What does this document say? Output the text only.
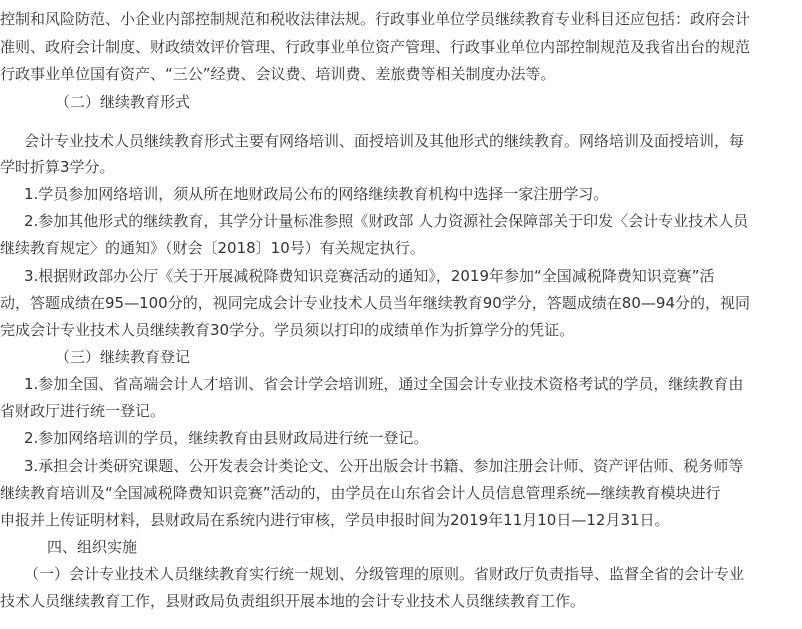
控制和风险防范、小企业内部控制规范和税收法律法规。行政事业单位学员继续教育专业科目还应包括：政府会计
准则、政府会计制度、财政绩效评价管理、行政事业单位资产管理、行政事业单位内部控制规范及我省出台的规范
行政事业单位国有资产、“三公”经费、会议费、培训费、差旅费等相关制度办法等。
（二）继续教育形式
会计专业技术人员继续教育形式主要有网络培训、面授培训及其他形式的继续教育。网络培训及面授培训，每
学时折算3学分。
1.学员参加网络培训，须从所在地财政局公布的网络继续教育机构中选择一家注册学习。
2.参加其他形式的继续教育，其学分计量标准参照《财政部 人力资源社会保障部关于印发〈会计专业技术人员
继续教育规定〉的通知》（财会〔2018〕10号）有关规定执行。
3.根据财政部办公厅《关于开展减税降费知识竞赛活动的通知》，2019年参加“全国减税降费知识竞赛”活
动，答题成绩在95—100分的，视同完成会计专业技术人员当年继续教育90学分，答题成绩在80—94分的，视同
完成会计专业技术人员继续教育30学分。学员须以打印的成绩单作为折算学分的凭证。
（三）继续教育登记
1.参加全国、省高端会计人才培训、省会计学会培训班，通过全国会计专业技术资格考试的学员，继续教育由
省财政厅进行统一登记。
2.参加网络培训的学员，继续教育由县财政局进行统一登记。
3.承担会计类研究课题、公开发表会计类论文、公开出版会计书籍、参加注册会计师、资产评估师、税务师等
继续教育培训及“全国减税降费知识竞赛”活动的，由学员在山东省会计人员信息管理系统—继续教育模块进行
申报并上传证明材料，县财政局在系统内进行审核，学员申报时间为2019年11月10日—12月31日。
四、组织实施
（一）会计专业技术人员继续教育实行统一规划、分级管理的原则。省财政厅负责指导、监督全省的会计专业
技术人员继续教育工作，县财政局负责组织开展本地的会计专业技术人员继续教育工作。
